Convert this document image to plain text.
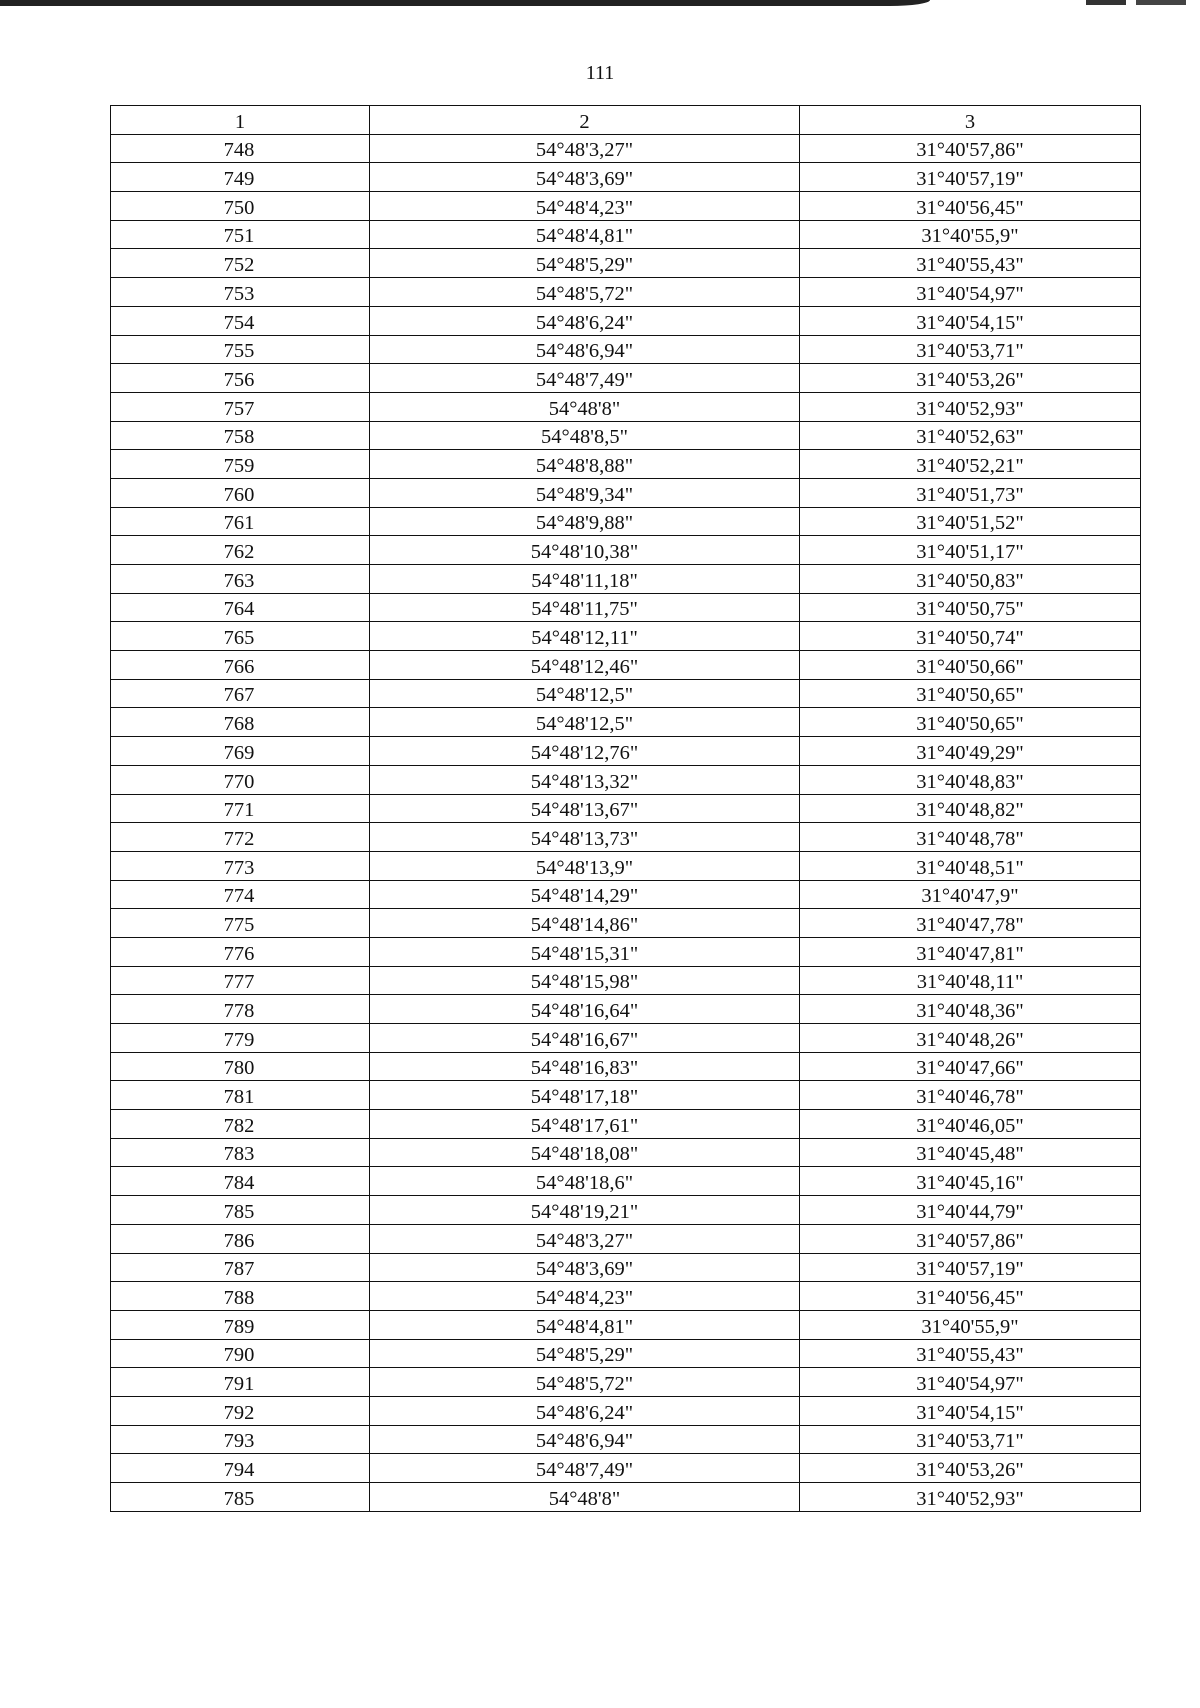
111
1	2	3
748	54°48'3,27"	31°40'57,86"
749	54°48'3,69"	31°40'57,19"
750	54°48'4,23"	31°40'56,45"
751	54°48'4,81"	31°40'55,9"
752	54°48'5,29"	31°40'55,43"
753	54°48'5,72"	31°40'54,97"
754	54°48'6,24"	31°40'54,15"
755	54°48'6,94"	31°40'53,71"
756	54°48'7,49"	31°40'53,26"
757	54°48'8"	31°40'52,93"
758	54°48'8,5"	31°40'52,63"
759	54°48'8,88"	31°40'52,21"
760	54°48'9,34"	31°40'51,73"
761	54°48'9,88"	31°40'51,52"
762	54°48'10,38"	31°40'51,17"
763	54°48'11,18"	31°40'50,83"
764	54°48'11,75"	31°40'50,75"
765	54°48'12,11"	31°40'50,74"
766	54°48'12,46"	31°40'50,66"
767	54°48'12,5"	31°40'50,65"
768	54°48'12,5"	31°40'50,65"
769	54°48'12,76"	31°40'49,29"
770	54°48'13,32"	31°40'48,83"
771	54°48'13,67"	31°40'48,82"
772	54°48'13,73"	31°40'48,78"
773	54°48'13,9"	31°40'48,51"
774	54°48'14,29"	31°40'47,9"
775	54°48'14,86"	31°40'47,78"
776	54°48'15,31"	31°40'47,81"
777	54°48'15,98"	31°40'48,11"
778	54°48'16,64"	31°40'48,36"
779	54°48'16,67"	31°40'48,26"
780	54°48'16,83"	31°40'47,66"
781	54°48'17,18"	31°40'46,78"
782	54°48'17,61"	31°40'46,05"
783	54°48'18,08"	31°40'45,48"
784	54°48'18,6"	31°40'45,16"
785	54°48'19,21"	31°40'44,79"
786	54°48'3,27"	31°40'57,86"
787	54°48'3,69"	31°40'57,19"
788	54°48'4,23"	31°40'56,45"
789	54°48'4,81"	31°40'55,9"
790	54°48'5,29"	31°40'55,43"
791	54°48'5,72"	31°40'54,97"
792	54°48'6,24"	31°40'54,15"
793	54°48'6,94"	31°40'53,71"
794	54°48'7,49"	31°40'53,26"
785	54°48'8"	31°40'52,93"
